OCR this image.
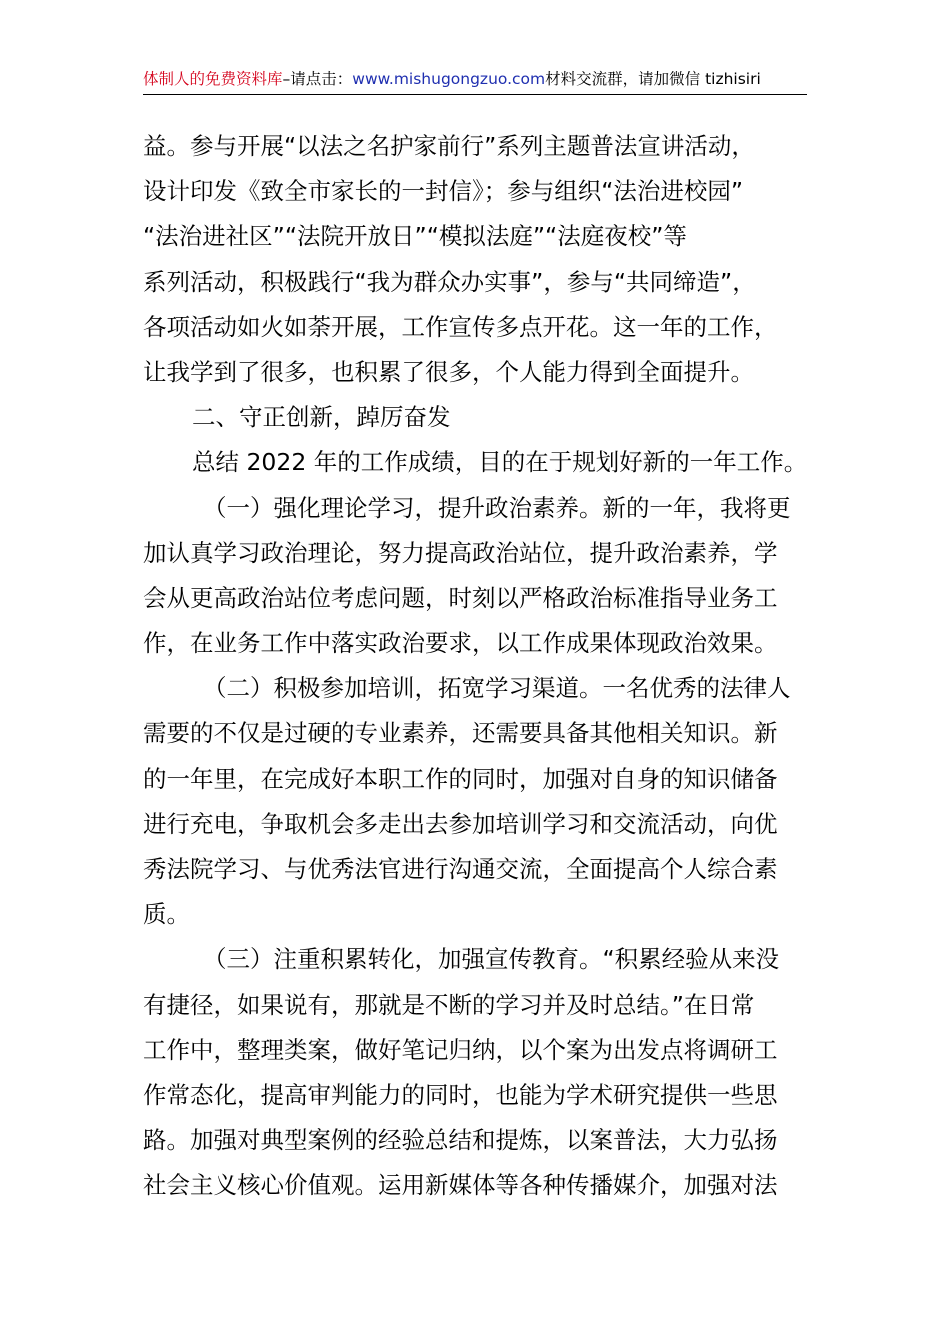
体制人的免费资料库–请点击：www.mishugongzuo.com材料交流群，请加微信 tizhisiri
益。参与开展“以法之名护家前行”系列主题普法宣讲活动，
设计印发《致全市家长的一封信》；参与组织“法治进校园”
“法治进社区”“法院开放日”“模拟法庭”“法庭夜校”等
系列活动，积极践行“我为群众办实事”，参与“共同缔造”，
各项活动如火如荼开展，工作宣传多点开花。这一年的工作，
让我学到了很多，也积累了很多，个人能力得到全面提升。
二、守正创新，踔厉奋发
总结 2022 年的工作成绩，目的在于规划好新的一年工作。
（一）强化理论学习，提升政治素养。新的一年，我将更
加认真学习政治理论，努力提高政治站位，提升政治素养，学
会从更高政治站位考虑问题，时刻以严格政治标准指导业务工
作，在业务工作中落实政治要求，以工作成果体现政治效果。
（二）积极参加培训，拓宽学习渠道。一名优秀的法律人
需要的不仅是过硬的专业素养，还需要具备其他相关知识。新
的一年里，在完成好本职工作的同时，加强对自身的知识储备
进行充电，争取机会多走出去参加培训学习和交流活动，向优
秀法院学习、与优秀法官进行沟通交流，全面提高个人综合素
质。
（三）注重积累转化，加强宣传教育。“积累经验从来没
有捷径，如果说有，那就是不断的学习并及时总结。”在日常
工作中，整理类案，做好笔记归纳，以个案为出发点将调研工
作常态化，提高审判能力的同时，也能为学术研究提供一些思
路。加强对典型案例的经验总结和提炼，以案普法，大力弘扬
社会主义核心价值观。运用新媒体等各种传播媒介，加强对法
